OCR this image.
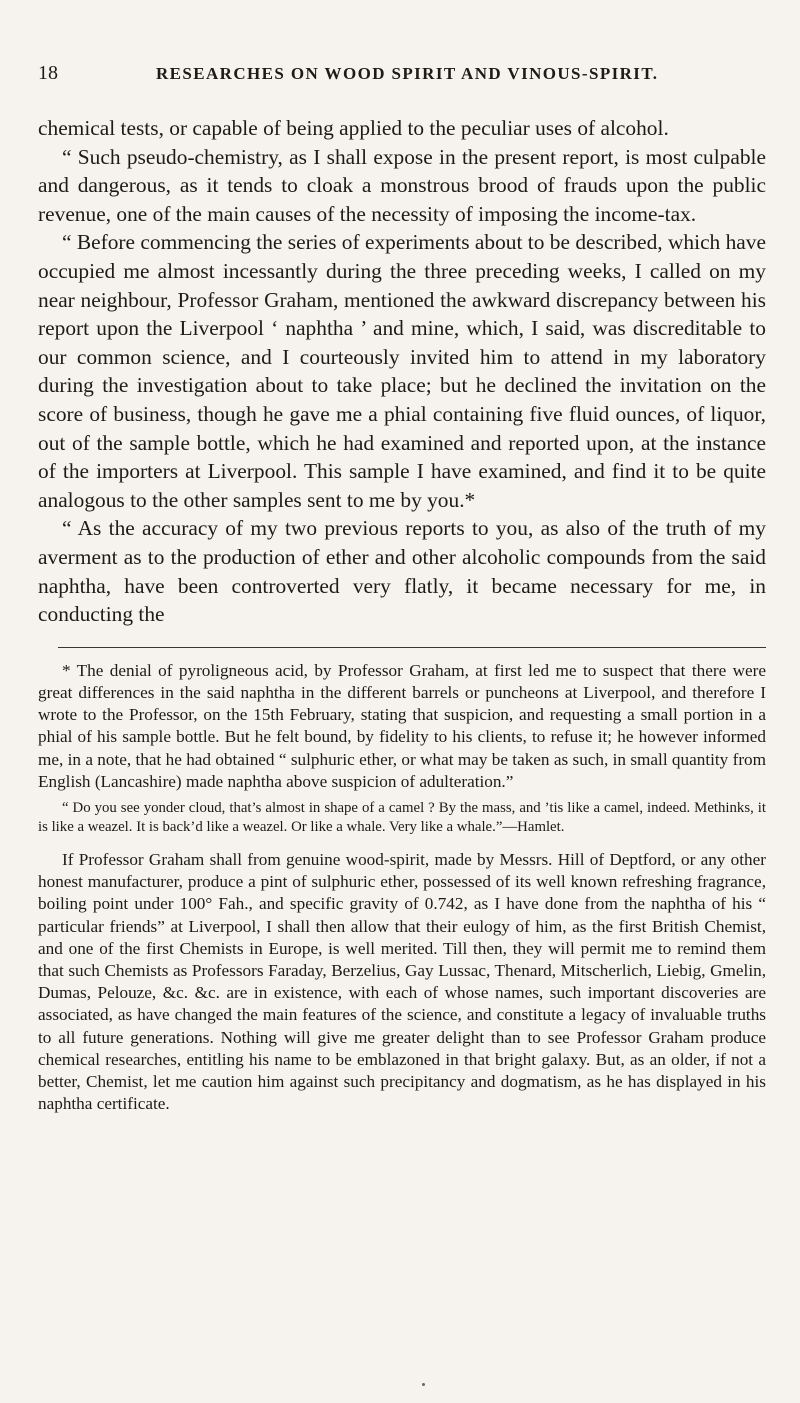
18	RESEARCHES ON WOOD SPIRIT AND VINOUS-SPIRIT.

chemical tests, or capable of being applied to the peculiar uses of alcohol.

“ Such pseudo-chemistry, as I shall expose in the present report, is most culpable and dangerous, as it tends to cloak a monstrous brood of frauds upon the public revenue, one of the main causes of the necessity of imposing the income-tax.

“ Before commencing the series of experiments about to be described, which have occupied me almost incessantly during the three preceding weeks, I called on my near neighbour, Professor Graham, mentioned the awkward discrepancy between his report upon the Liverpool ‘ naphtha ’ and mine, which, I said, was discreditable to our common science, and I courteously invited him to attend in my laboratory during the investigation about to take place; but he declined the invitation on the score of business, though he gave me a phial containing five fluid ounces, of liquor, out of the sample bottle, which he had examined and reported upon, at the instance of the importers at Liverpool. This sample I have examined, and find it to be quite analogous to the other samples sent to me by you.*

“ As the accuracy of my two previous reports to you, as also of the truth of my averment as to the production of ether and other alcoholic compounds from the said naphtha, have been controverted very flatly, it became necessary for me, in conducting the

* The denial of pyroligneous acid, by Professor Graham, at first led me to suspect that there were great differences in the said naphtha in the different barrels or puncheons at Liverpool, and therefore I wrote to the Professor, on the 15th February, stating that suspicion, and requesting a small portion in a phial of his sample bottle. But he felt bound, by fidelity to his clients, to refuse it; he however informed me, in a note, that he had obtained “ sulphuric ether, or what may be taken as such, in small quantity from English (Lancashire) made naphtha above suspicion of adulteration.”

“ Do you see yonder cloud, that’s almost in shape of a camel ? By the mass, and ’tis like a camel, indeed. Methinks, it is like a weazel. It is back’d like a weazel. Or like a whale. Very like a whale.”—Hamlet.

If Professor Graham shall from genuine wood-spirit, made by Messrs. Hill of Deptford, or any other honest manufacturer, produce a pint of sulphuric ether, possessed of its well known refreshing fragrance, boiling point under 100° Fah., and specific gravity of 0.742, as I have done from the naphtha of his “ particular friends” at Liverpool, I shall then allow that their eulogy of him, as the first British Chemist, and one of the first Chemists in Europe, is well merited. Till then, they will permit me to remind them that such Chemists as Professors Faraday, Berzelius, Gay Lussac, Thenard, Mitscherlich, Liebig, Gmelin, Dumas, Pelouze, &c. &c. are in existence, with each of whose names, such important discoveries are associated, as have changed the main features of the science, and constitute a legacy of invaluable truths to all future generations. Nothing will give me greater delight than to see Professor Graham produce chemical researches, entitling his name to be emblazoned in that bright galaxy. But, as an older, if not a better, Chemist, let me caution him against such precipitancy and dogmatism, as he has displayed in his naphtha certificate.
